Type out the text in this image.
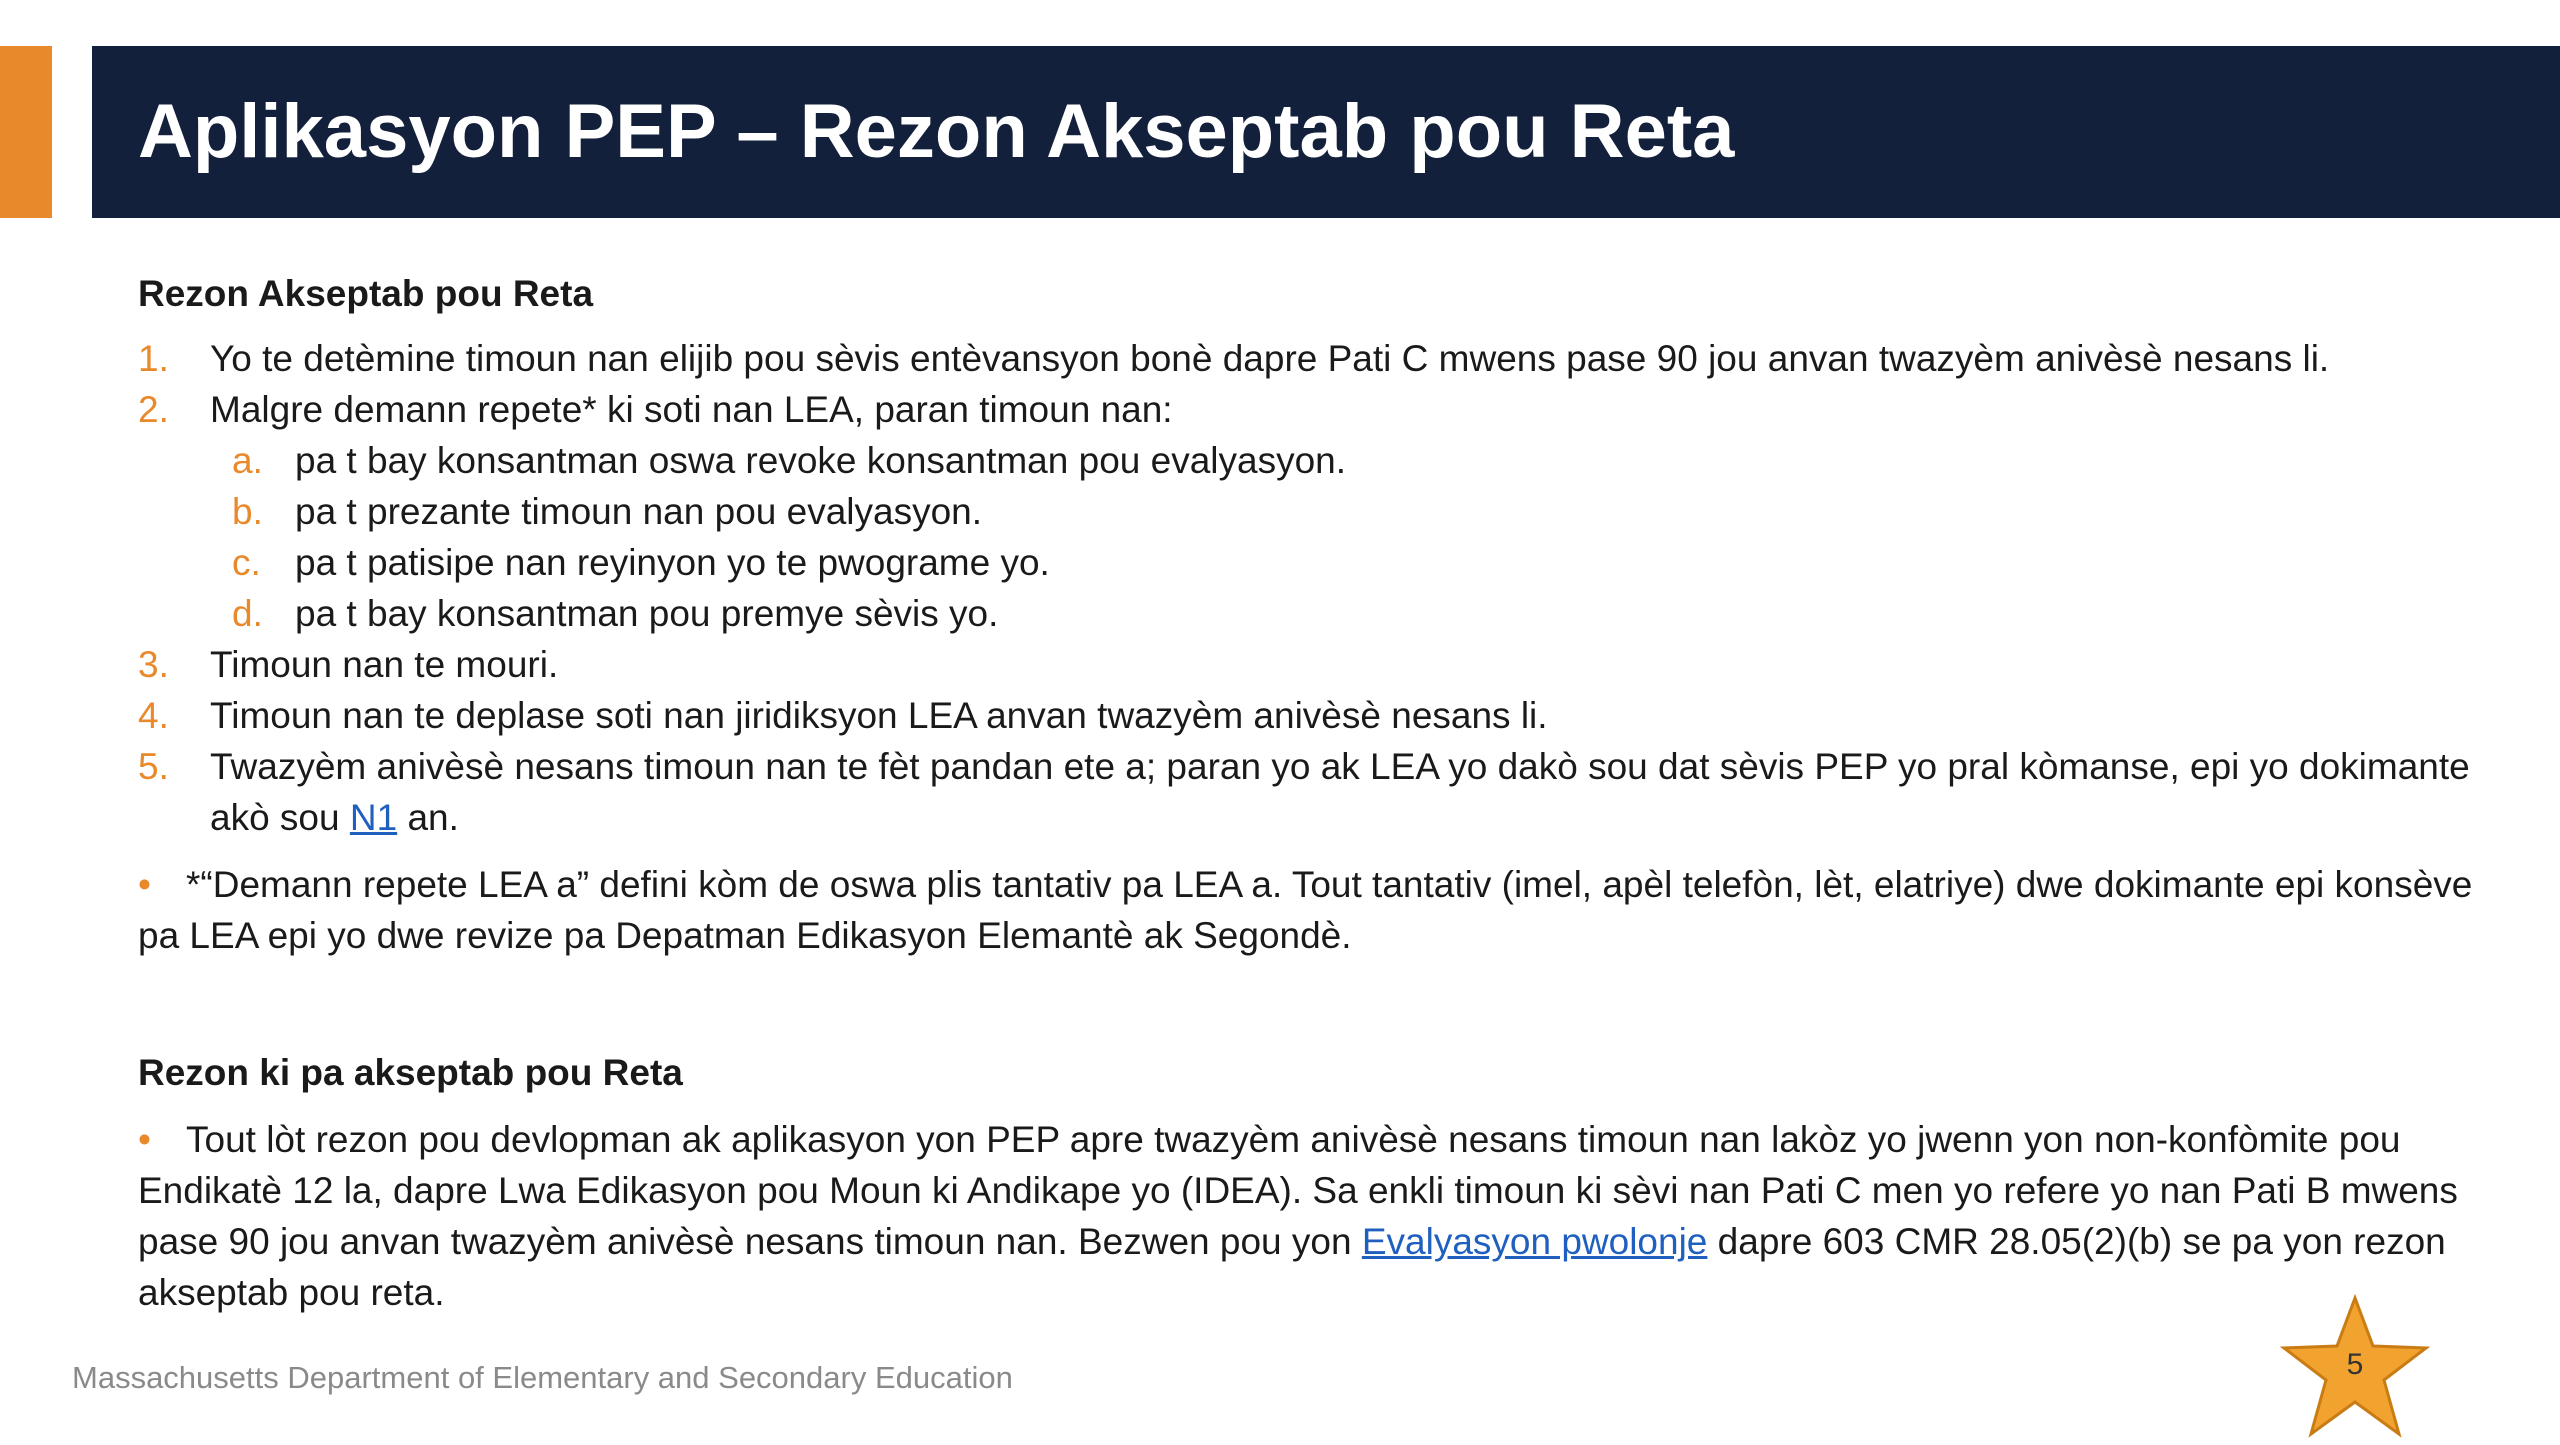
Aplikasyon PEP – Rezon Akseptab pou Reta
Rezon Akseptab pou Reta
1. Yo te detèmine timoun nan elijib pou sèvis entèvansyon bonè dapre Pati C mwens pase 90 jou anvan twazyèm anivèsè nesans li.
2. Malgre demann repete* ki soti nan LEA, paran timoun nan:
a. pa t bay konsantman oswa revoke konsantman pou evalyasyon.
b. pa t prezante timoun nan pou evalyasyon.
c. pa t patisipe nan reyinyon yo te pwograme yo.
d. pa t bay konsantman pou premye sèvis yo.
3. Timoun nan te mouri.
4. Timoun nan te deplase soti nan jiridiksyon LEA anvan twazyèm anivèsè nesans li.
5. Twazyèm anivèsè nesans timoun nan te fèt pandan ete a; paran yo ak LEA yo dakò sou dat sèvis PEP yo pral kòmanse, epi yo dokimante akò sou N1 an.
• *“Demann repete LEA a” defini kòm de oswa plis tantativ pa LEA a. Tout tantativ (imel, apèl telefòn, lèt, elatriye) dwe dokimante epi konsève pa LEA epi yo dwe revize pa Depatman Edikasyon Elemantè ak Segondè.
Rezon ki pa akseptab pou Reta
• Tout lòt rezon pou devlopman ak aplikasyon yon PEP apre twazyèm anivèsè nesans timoun nan lakòz yo jwenn yon non-konfòmite pou Endikatè 12 la, dapre Lwa Edikasyon pou Moun ki Andikape yo (IDEA). Sa enkli timoun ki sèvi nan Pati C men yo refere yo nan Pati B mwens pase 90 jou anvan twazyèm anivèsè nesans timoun nan. Bezwen pou yon Evalyasyon pwolonje dapre 603 CMR 28.05(2)(b) se pa yon rezon akseptab pou reta.
Massachusetts Department of Elementary and Secondary Education	5
